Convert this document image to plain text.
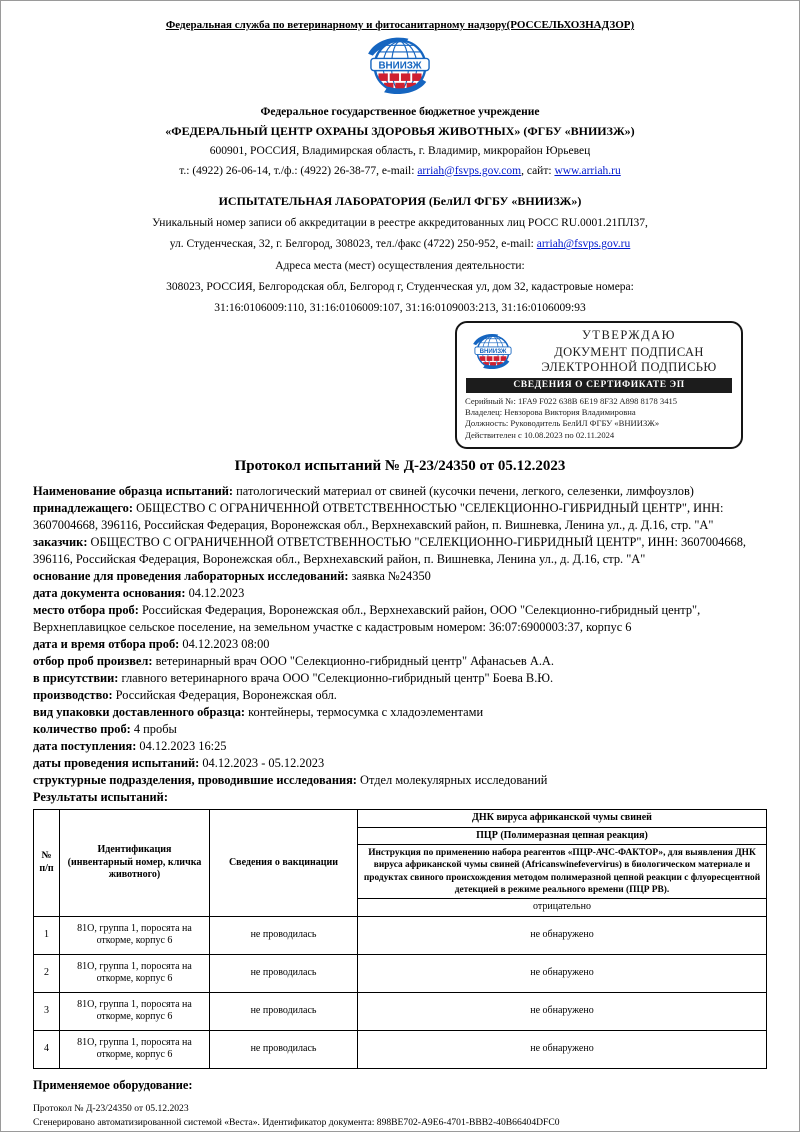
Федеральная служба по ветеринарному и фитосанитарному надзору(РОССЕЛЬХОЗНАДЗОР)
ВНИИЗЖ
Федеральное государственное бюджетное учреждение
«ФЕДЕРАЛЬНЫЙ ЦЕНТР ОХРАНЫ ЗДОРОВЬЯ ЖИВОТНЫХ» (ФГБУ «ВНИИЗЖ»)
600901, РОССИЯ, Владимирская область, г. Владимир, микрорайон Юрьевец
т.: (4922) 26-06-14, т./ф.: (4922) 26-38-77, e-mail: arriah@fsvps.gov.com, сайт: www.arriah.ru
ИСПЫТАТЕЛЬНАЯ ЛАБОРАТОРИЯ (БелИЛ ФГБУ «ВНИИЗЖ»)
Уникальный номер записи об аккредитации в реестре аккредитованных лиц РОСС RU.0001.21ПЛ37,
ул. Студенческая, 32, г. Белгород, 308023, тел./факс (4722) 250-952, e-mail: arriah@fsvps.gov.ru
Адреса места (мест) осуществления деятельности:
308023, РОССИЯ, Белгородская обл, Белгород г, Студенческая ул, дом 32, кадастровые номера:
31:16:0106009:110, 31:16:0106009:107, 31:16:0109003:213, 31:16:0106009:93
ВНИИЗЖ
УТВЕРЖДАЮ
ДОКУМЕНТ ПОДПИСАН
ЭЛЕКТРОННОЙ ПОДПИСЬЮ
СВЕДЕНИЯ О СЕРТИФИКАТЕ ЭП
Серийный №: 1FA9 F022 638B 6E19 8F32 A898 8178 3415
Владелец: Невзорова Виктория Владимировна
Должность: Руководитель БелИЛ ФГБУ «ВНИИЗЖ»
Действителен с 10.08.2023 по 02.11.2024
Протокол испытаний № Д-23/24350 от 05.12.2023

Наименование образца испытаний: патологический материал от свиней (кусочки печени, легкого, селезенки, лимфоузлов)

принадлежащего: ОБЩЕСТВО С ОГРАНИЧЕННОЙ ОТВЕТСТВЕННОСТЬЮ "СЕЛЕКЦИОННО-ГИБРИДНЫЙ ЦЕНТР", ИНН: 3607004668, 396116, Российская Федерация, Воронежская обл., Верхнехавский район, п. Вишневка, Ленина ул., д. Д.16, стр. "А"

заказчик: ОБЩЕСТВО С ОГРАНИЧЕННОЙ ОТВЕТСТВЕННОСТЬЮ "СЕЛЕКЦИОННО-ГИБРИДНЫЙ ЦЕНТР", ИНН: 3607004668, 396116, Российская Федерация, Воронежская обл., Верхнехавский район, п. Вишневка, Ленина ул., д. Д.16, стр. "А"

основание для проведения лабораторных исследований: заявка №24350

дата документа основания: 04.12.2023

место отбора проб: Российская Федерация, Воронежская обл., Верхнехавский район, ООО "Селекционно-гибридный центр", Верхнеплавицкое сельское поселение, на земельном участке с кадастровым номером: 36:07:6900003:37, корпус 6

дата и время отбора проб: 04.12.2023 08:00

отбор проб произвел: ветеринарный врач ООО "Селекционно-гибридный центр" Афанасьев А.А.

в присутствии: главного ветеринарного врача ООО "Селекционно-гибридный центр" Боева В.Ю.

производство: Российская Федерация, Воронежская обл.

вид упаковки доставленного образца: контейнеры, термосумка с хладоэлементами

количество проб: 4 пробы

дата поступления: 04.12.2023 16:25

даты проведения испытаний: 04.12.2023 - 05.12.2023

структурные подразделения, проводившие исследования: Отдел молекулярных исследований

Результаты испытаний:

№ п/п	Идентификация (инвентарный номер, кличка животного)	Сведения о вакцинации	ДНК вируса африканской чумы свиней
			ПЦР (Полимеразная цепная реакция)
			Инструкция по применению набора реагентов «ПЦР-АЧС-ФАКТОР», для выявления ДНК вируса африканской чумы свиней (Africanswinefevervirus) в биологическом материале и продуктах свиного происхождения методом полимеразной цепной реакции с флуоресцентной детекцией в режиме реального времени (ПЦР РВ).
			отрицательно
1	81О, группа 1, поросята на откорме, корпус 6	не проводилась	не обнаружено
2	81О, группа 1, поросята на откорме, корпус 6	не проводилась	не обнаружено
3	81О, группа 1, поросята на откорме, корпус 6	не проводилась	не обнаружено
4	81О, группа 1, поросята на откорме, корпус 6	не проводилась	не обнаружено
Применяемое оборудование:
Протокол № Д-23/24350 от 05.12.2023
Сгенерировано автоматизированной системой «Веста». Идентификатор документа: 898BE702-A9E6-4701-BBB2-40B66404DFC0
